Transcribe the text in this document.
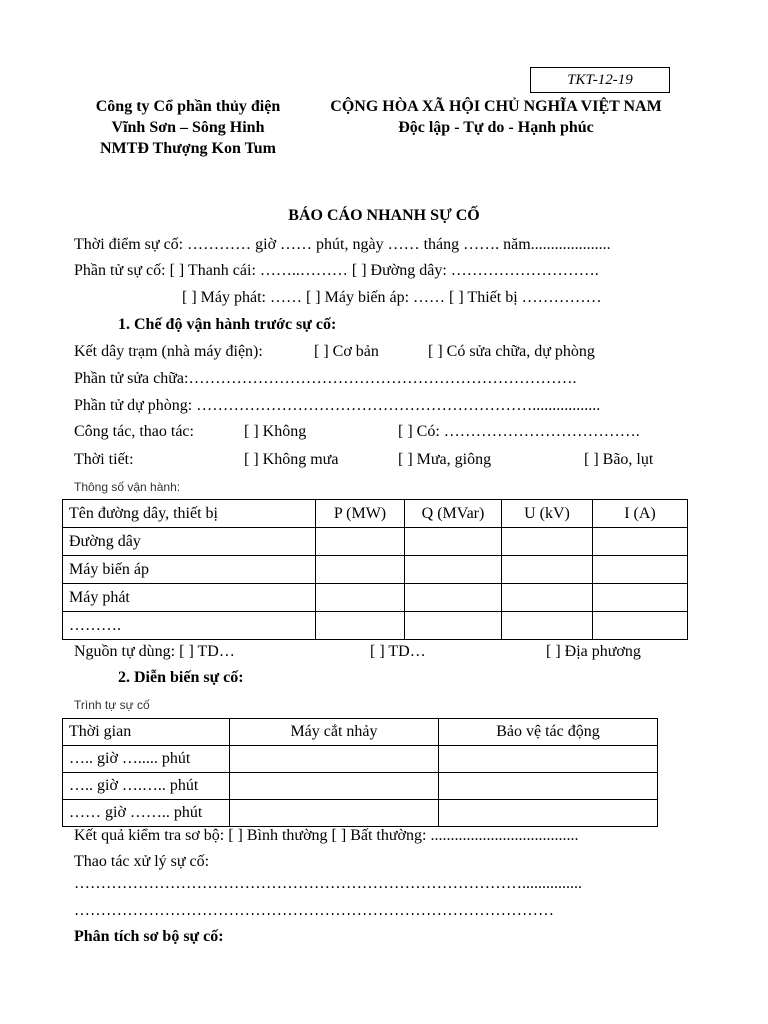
TKT-12-19
Công ty Cổ phần thủy điện
Vĩnh Sơn – Sông Hinh
NMTĐ Thượng Kon Tum
CỘNG HÒA XÃ HỘI CHỦ NGHĨA VIỆT NAM
Độc lập - Tự do - Hạnh phúc
BÁO CÁO NHANH SỰ CỐ
Thời điểm sự cố: ………… giờ …… phút, ngày …… tháng ……. năm....................
Phần tử sự cố: [ ] Thanh cái: ……..……… [ ] Đường dây: ……………………….
[ ] Máy phát: …… [ ] Máy biến áp: …… [ ] Thiết bị ……………
1. Chế độ vận hành trước sự cố:
Kết dây trạm (nhà máy điện):	[ ] Cơ bản	[ ] Có sửa chữa, dự phòng
Phần tử sửa chữa:……………………………………………………………….
Phần tử dự phòng: ……………………………………………………….................
Công tác, thao tác:	[ ] Không	[ ] Có: ……………………………….
Thời tiết:	[ ] Không mưa	[ ] Mưa, giông	[ ] Bão, lụt
Thông số vận hành:
Tên đường dây, thiết bị	P (MW)	Q (MVar)	U (kV)	I (A)
Đường dây				
Máy biến áp				
Máy phát				
……….				
Nguồn tự dùng: [ ] TD…	[ ] TD…	[ ] Địa phương
2. Diễn biến sự cố:
Trình tự sự cố
Thời gian	Máy cắt nhảy	Bảo vệ tác động
….. giờ …..... phút		
….. giờ ….….. phút		
…… giờ …….. phút		
Kết quả kiểm tra sơ bộ: [ ] Bình thường [ ] Bất thường: .....................................
Thao tác xử lý sự cố:
…………………………………………………………………………...............
………………………………………………………………………………
Phân tích sơ bộ sự cố:
